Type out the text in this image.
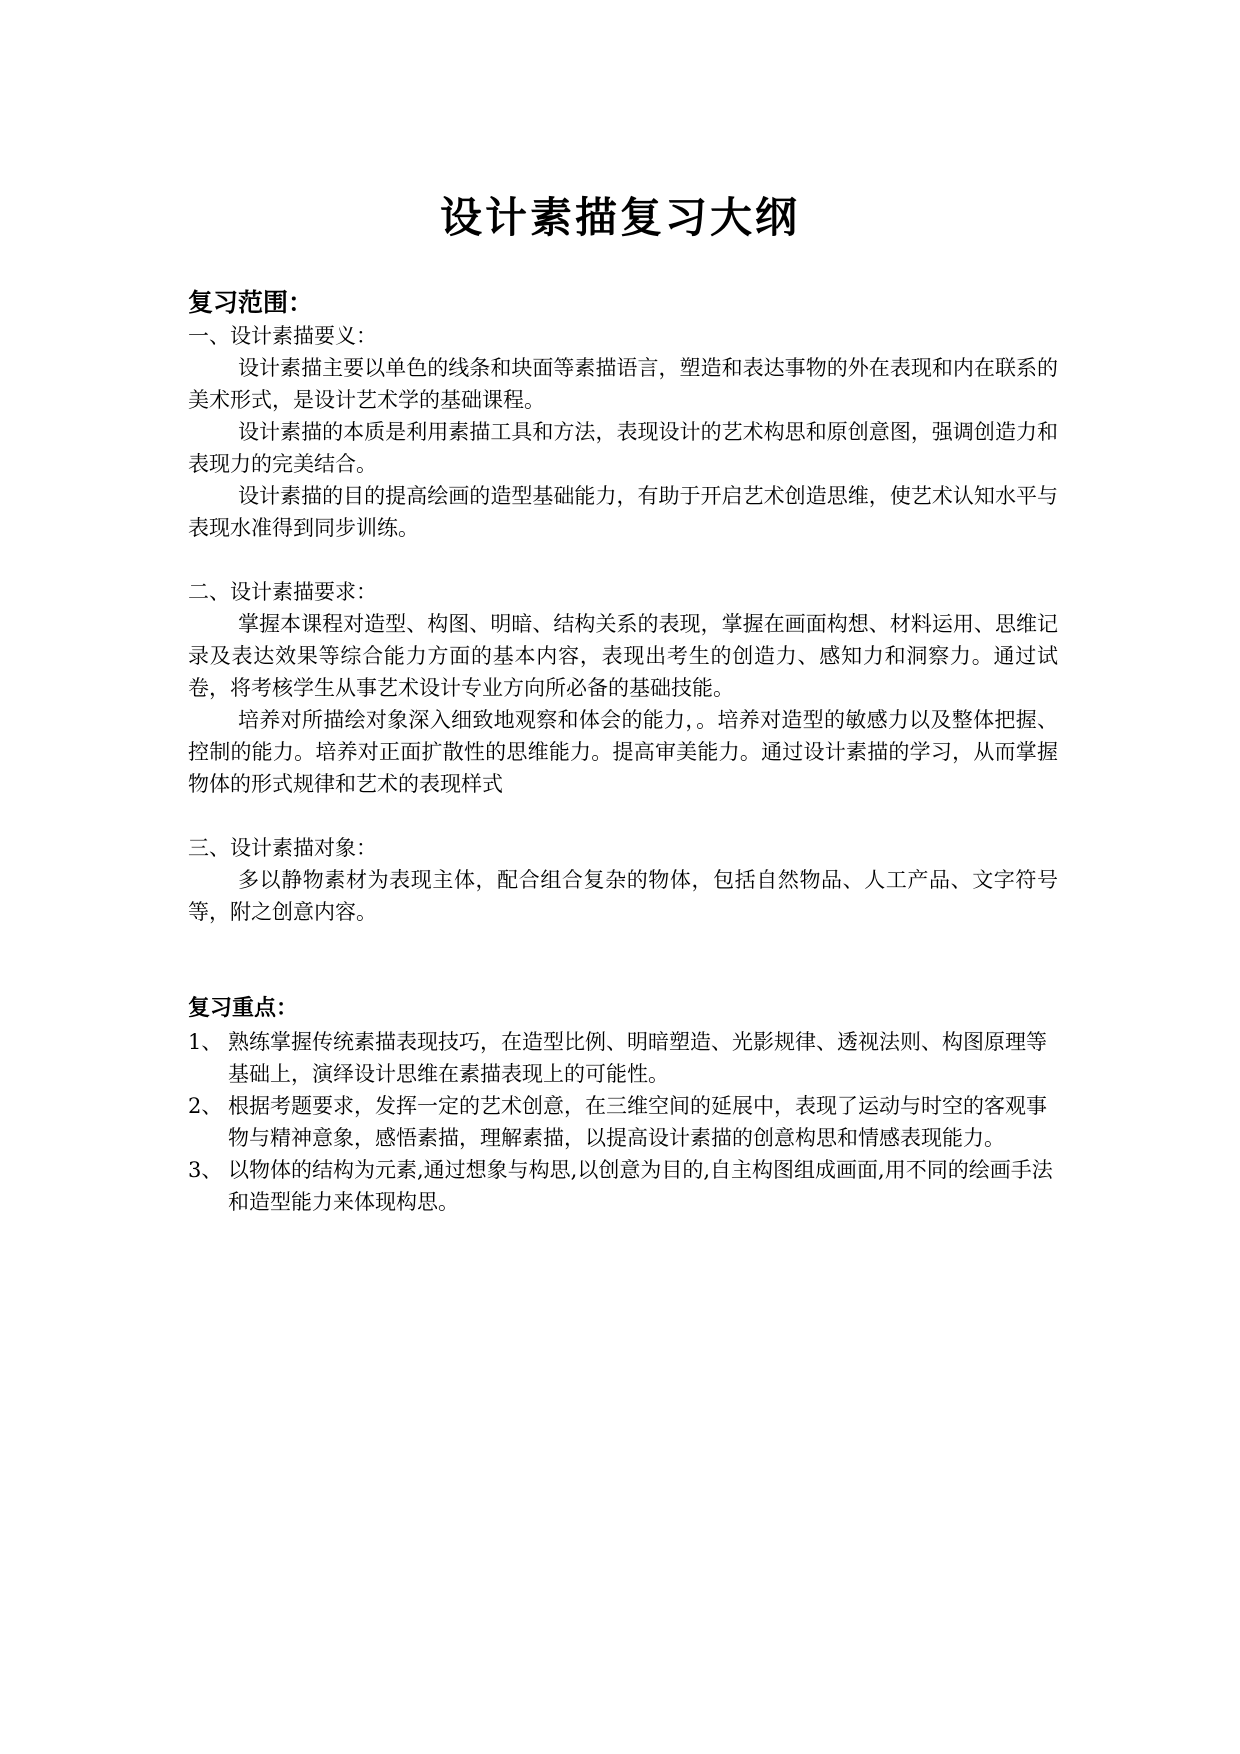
设计素描复习大纲
复习范围：
一、设计素描要义：

设计素描主要以单色的线条和块面等素描语言，塑造和表达事物的外在表现和内在联系的美术形式，是设计艺术学的基础课程。

设计素描的本质是利用素描工具和方法，表现设计的艺术构思和原创意图，强调创造力和表现力的完美结合。

设计素描的目的提高绘画的造型基础能力，有助于开启艺术创造思维，使艺术认知水平与表现水准得到同步训练。

二、设计素描要求：

掌握本课程对造型、构图、明暗、结构关系的表现，掌握在画面构想、材料运用、思维记录及表达效果等综合能力方面的基本内容，表现出考生的创造力、感知力和洞察力。通过试卷，将考核学生从事艺术设计专业方向所必备的基础技能。

培养对所描绘对象深入细致地观察和体会的能力，。培养对造型的敏感力以及整体把握、控制的能力。培养对正面扩散性的思维能力。提高审美能力。通过设计素描的学习，从而掌握物体的形式规律和艺术的表现样式

三、设计素描对象：

多以静物素材为表现主体，配合组合复杂的物体，包括自然物品、人工产品、文字符号等，附之创意内容。

复习重点：
1、 熟练掌握传统素描表现技巧，在造型比例、明暗塑造、光影规律、透视法则、构图原理等基础上，演绎设计思维在素描表现上的可能性。
2、 根据考题要求，发挥一定的艺术创意，在三维空间的延展中，表现了运动与时空的客观事物与精神意象，感悟素描，理解素描，以提高设计素描的创意构思和情感表现能力。
3、 以物体的结构为元素,通过想象与构思,以创意为目的,自主构图组成画面,用不同的绘画手法和造型能力来体现构思。
